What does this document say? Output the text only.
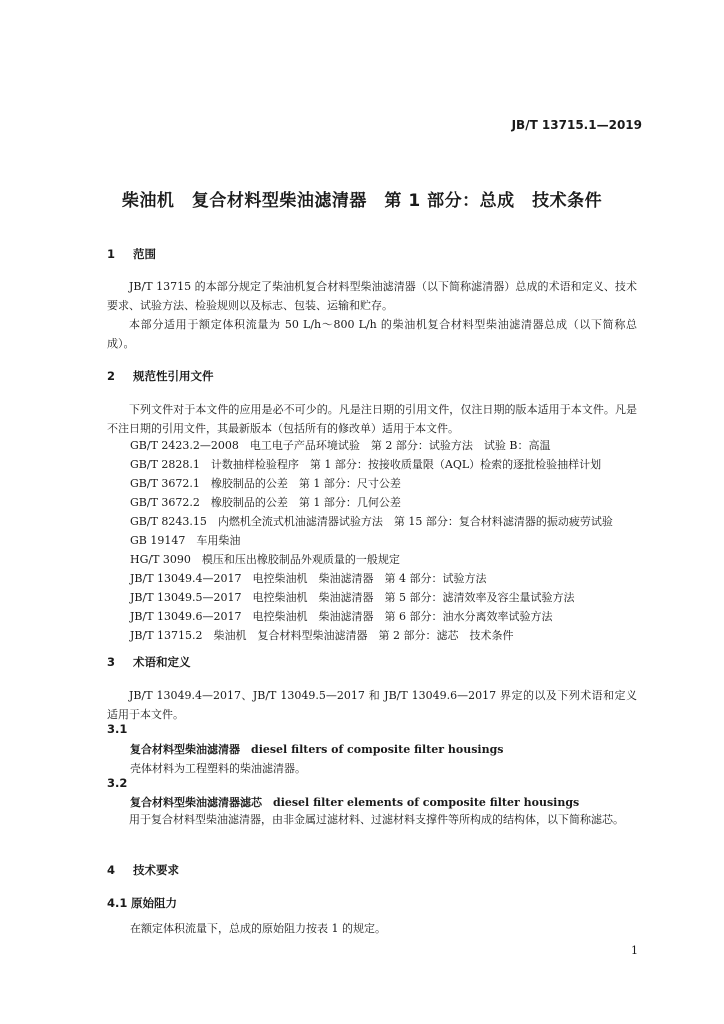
JB/T 13715.1—2019
柴油机　复合材料型柴油滤清器　第 1 部分：总成　技术条件
1 范围
JB/T 13715 的本部分规定了柴油机复合材料型柴油滤清器（以下简称滤清器）总成的术语和定义、技术要求、试验方法、检验规则以及标志、包装、运输和贮存。
本部分适用于额定体积流量为 50 L/h～800 L/h 的柴油机复合材料型柴油滤清器总成（以下简称总成）。
2 规范性引用文件
下列文件对于本文件的应用是必不可少的。凡是注日期的引用文件，仅注日期的版本适用于本文件。凡是不注日期的引用文件，其最新版本（包括所有的修改单）适用于本文件。
GB/T 2423.2—2008　电工电子产品环境试验　第 2 部分：试验方法　试验 B：高温
GB/T 2828.1　计数抽样检验程序　第 1 部分：按接收质量限（AQL）检索的逐批检验抽样计划
GB/T 3672.1　橡胶制品的公差　第 1 部分：尺寸公差
GB/T 3672.2　橡胶制品的公差　第 1 部分：几何公差
GB/T 8243.15　内燃机全流式机油滤清器试验方法　第 15 部分：复合材料滤清器的振动疲劳试验
GB 19147　车用柴油
HG/T 3090　模压和压出橡胶制品外观质量的一般规定
JB/T 13049.4—2017　电控柴油机　柴油滤清器　第 4 部分：试验方法
JB/T 13049.5—2017　电控柴油机　柴油滤清器　第 5 部分：滤清效率及容尘量试验方法
JB/T 13049.6—2017　电控柴油机　柴油滤清器　第 6 部分：油水分离效率试验方法
JB/T 13715.2　柴油机　复合材料型柴油滤清器　第 2 部分：滤芯　技术条件
3 术语和定义
JB/T 13049.4—2017、JB/T 13049.5—2017 和 JB/T 13049.6—2017 界定的以及下列术语和定义适用于本文件。
3.1
复合材料型柴油滤清器　diesel filters of composite filter housings
壳体材料为工程塑料的柴油滤清器。
3.2
复合材料型柴油滤清器滤芯　diesel filter elements of composite filter housings
用于复合材料型柴油滤清器，由非金属过滤材料、过滤材料支撑件等所构成的结构体，以下简称滤芯。
4 技术要求
4.1 原始阻力
在额定体积流量下，总成的原始阻力按表 1 的规定。
1
